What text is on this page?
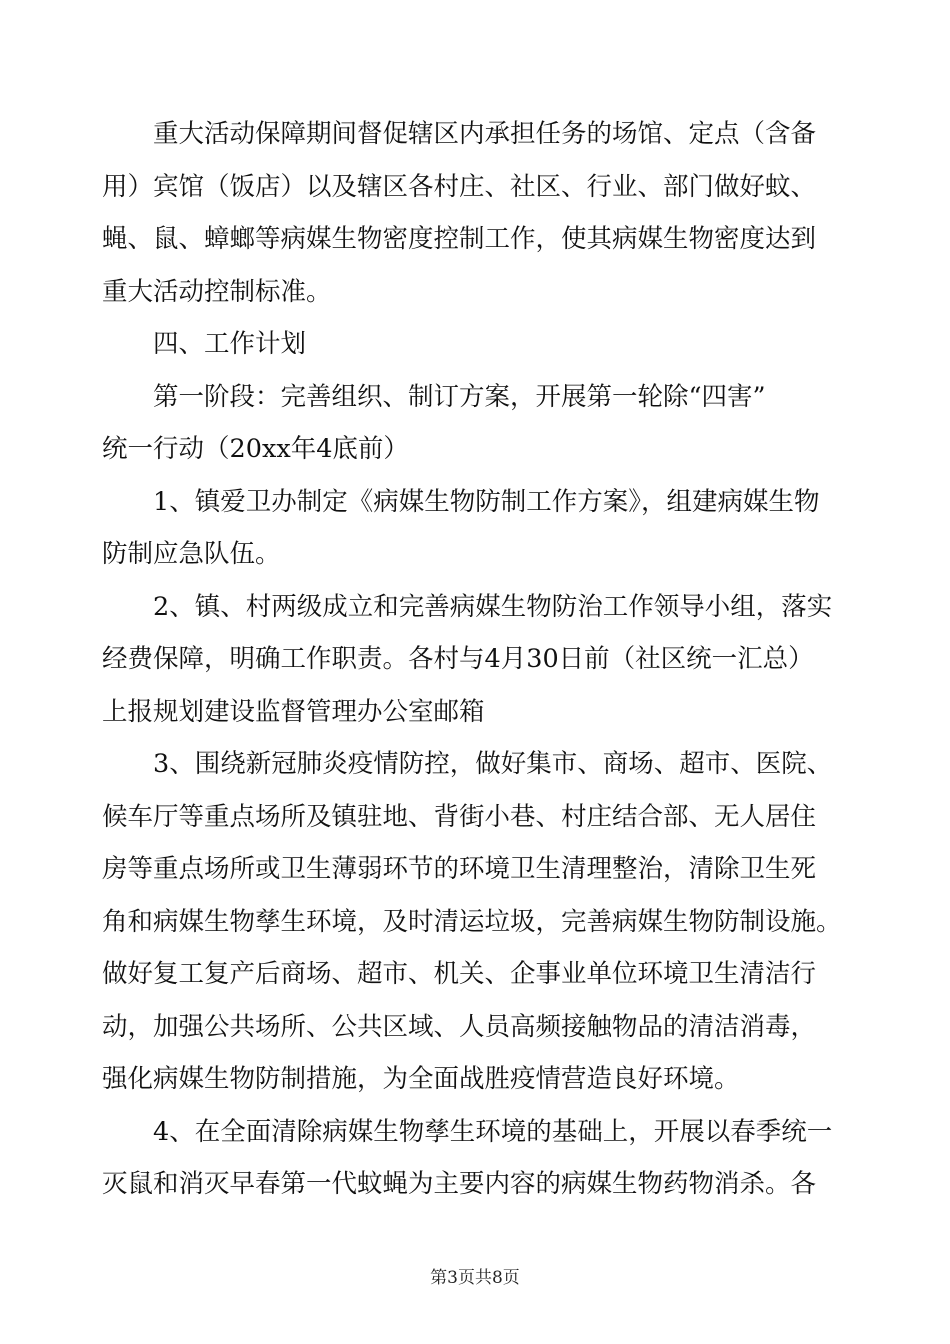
重大活动保障期间督促辖区内承担任务的场馆、定点（含备
用）宾馆（饭店）以及辖区各村庄、社区、行业、部门做好蚊、
蝇、鼠、蟑螂等病媒生物密度控制工作，使其病媒生物密度达到
重大活动控制标准。

四、工作计划

第一阶段：完善组织、制订方案，开展第一轮除“四害”
统一行动（20xx年4底前）

1、镇爱卫办制定《病媒生物防制工作方案》，组建病媒生物
防制应急队伍。

2、镇、村两级成立和完善病媒生物防治工作领导小组，落实
经费保障，明确工作职责。各村与4月30日前（社区统一汇总）
上报规划建设监督管理办公室邮箱

3、围绕新冠肺炎疫情防控，做好集市、商场、超市、医院、
候车厅等重点场所及镇驻地、背街小巷、村庄结合部、无人居住
房等重点场所或卫生薄弱环节的环境卫生清理整治，清除卫生死
角和病媒生物孳生环境，及时清运垃圾，完善病媒生物防制设施。
做好复工复产后商场、超市、机关、企事业单位环境卫生清洁行
动，加强公共场所、公共区域、人员高频接触物品的清洁消毒，
强化病媒生物防制措施，为全面战胜疫情营造良好环境。

4、在全面清除病媒生物孳生环境的基础上，开展以春季统一
灭鼠和消灭早春第一代蚊蝇为主要内容的病媒生物药物消杀。各

第3页共8页
